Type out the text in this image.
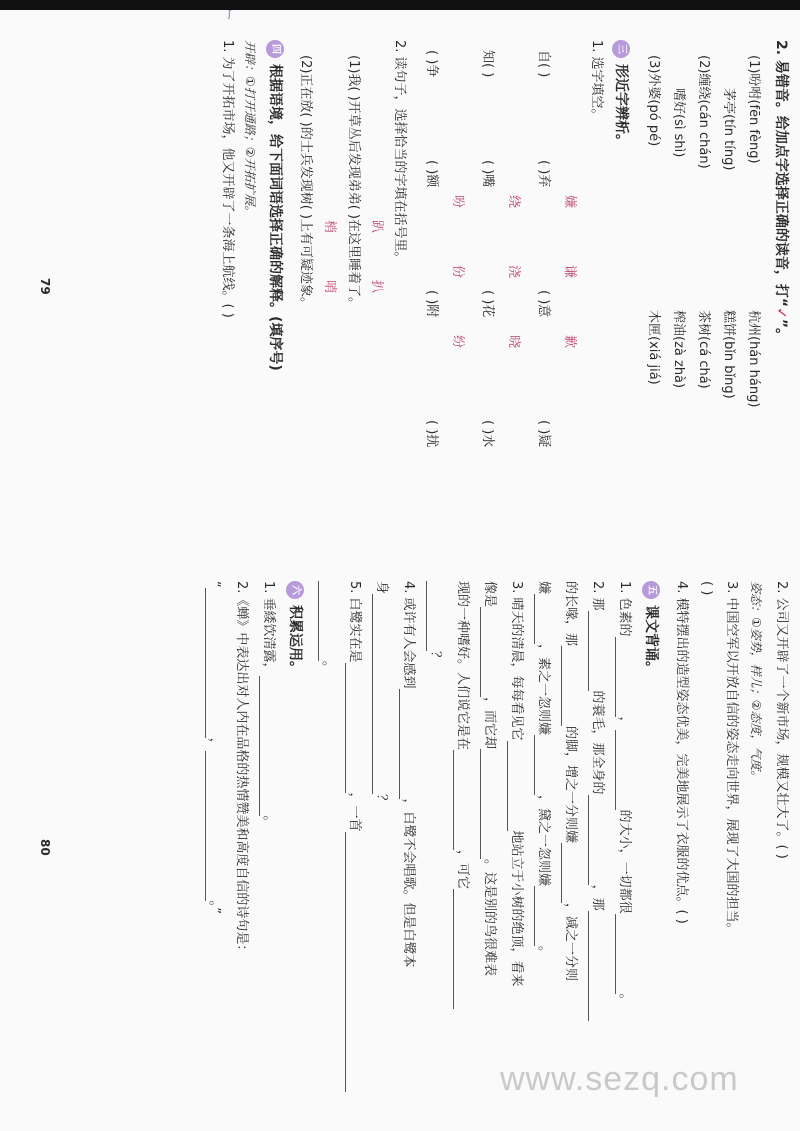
2. 易错音。给加点字选择正确的读音，打“✓”。
(1)吩咐(fēn fèng)
杭州(hán háng)
茅亭(tín tíng)
糕饼(bǐn bǐng)
(2)缠绕(cán chán)
茶树(cá chá)
嗜好(sì shì)
榨油(zà zhà)
(3)外婆(pó pé)
木匣(xiá jiá)
三形近字辨析。
1. 选字填空。
嫌
谦
歉
自( )
( )弃
( )意
( )疑
绕
浇
晓
知( )
( )嘴
( )花
( )水
吩
份
纷
( )争
( )额
( )附
( )扰
2. 读句子，选择恰当的字填在括号里。
趴
扒
(1)我( )开草丛后发现弟弟( )在这里睡着了。
梢
哨
(2)正在放( )的士兵发现树( )上有可疑迹象。
四根据语境，给下面词语选择正确的解释。(填序号)
开辟：①打开通路；②开拓扩展。
1. 为了开拓市场，他又开辟了一条海上航线。( )
79
2. 公司又开辟了一个新市场，规模又壮大了。( )
姿态：①姿势，样儿；②态度，气度。
3. 中国空军以开放自信的姿态走向世界，展现了大国的担当。
( )
4. 模特摆出的造型姿态优美，完美地展示了衣服的优点。( )
五课文背诵。
1. 色素的，的大小，一切都很。
2. 那的蓑毛，那全身的，那
的长喙，那的脚，增之一分则嫌，减之一分则
嫌，素之一忽则嫌，黛之一忽则嫌。
3. 晴天的清晨，每每看见它地站立于小树的绝顶，看来
像是，而它却。这是别的鸟很难表
现的一种嗜好。人们说它是在，可它
？
4. 或许有人会感到，白鹭不会唱歌。但是白鹭本
身？
5. 白鹭实在是，一首
。
六积累运用。
1. 垂緌饮清露，。
2.《蝉》中表达出对人内在品格的热情赞美和高度自信的诗句是：
“，。”
80
ʃ
www.sezq.com
